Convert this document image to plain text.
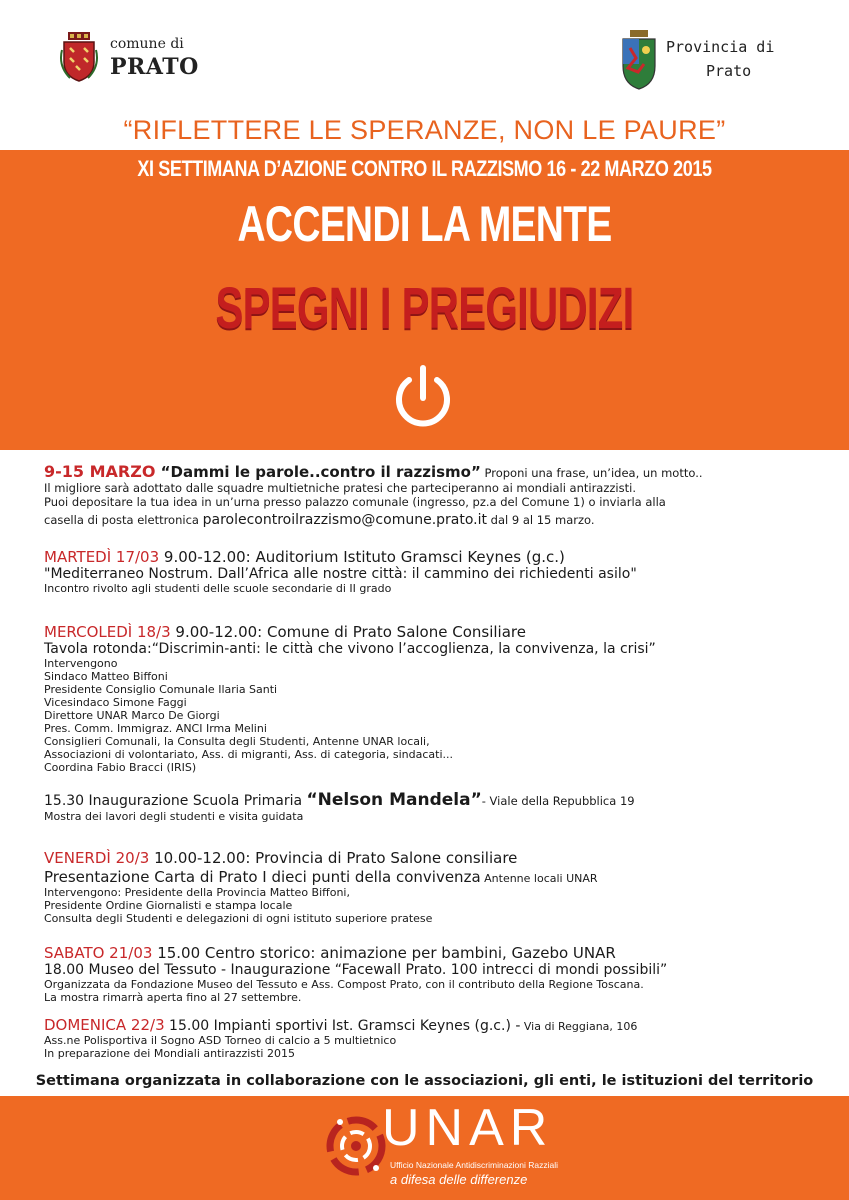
comune di
PRATO
Provincia di
Prato
“RIFLETTERE LE SPERANZE, NON LE PAURE”
XI SETTIMANA D’AZIONE CONTRO IL RAZZISMO 16 - 22 MARZO 2015
ACCENDI LA MENTE
SPEGNI I PREGIUDIZI
9-15 MARZO “Dammi le parole..contro il razzismo” Proponi una frase, un’idea, un motto..
Il migliore sarà adottato dalle squadre multietniche pratesi che parteciperanno ai mondiali antirazzisti.
Puoi depositare la tua idea in un’urna presso palazzo comunale (ingresso, pz.a del Comune 1) o inviarla alla
casella di posta elettronica parolecontroilrazzismo@comune.prato.it dal 9 al 15 marzo.
MARTEDÌ 17/03 9.00-12.00: Auditorium Istituto Gramsci Keynes (g.c.)
"Mediterraneo Nostrum. Dall’Africa alle nostre città: il cammino dei richiedenti asilo"
Incontro rivolto agli studenti delle scuole secondarie di II grado
MERCOLEDÌ 18/3 9.00-12.00: Comune di Prato Salone Consiliare
Tavola rotonda:“Discrimin-anti: le città che vivono l’accoglienza, la convivenza, la crisi”
Intervengono
Sindaco Matteo Biffoni
Presidente Consiglio Comunale Ilaria Santi
Vicesindaco Simone Faggi
Direttore UNAR Marco De Giorgi
Pres. Comm. Immigraz. ANCI Irma Melini
Consiglieri Comunali, la Consulta degli Studenti, Antenne UNAR locali,
Associazioni di volontariato, Ass. di migranti, Ass. di categoria, sindacati...
Coordina Fabio Bracci (IRIS)
15.30 Inaugurazione Scuola Primaria “Nelson Mandela”- Viale della Repubblica 19
Mostra dei lavori degli studenti e visita guidata
VENERDÌ 20/3 10.00-12.00: Provincia di Prato Salone consiliare
Presentazione Carta di Prato I dieci punti della convivenza Antenne locali UNAR
Intervengono: Presidente della Provincia Matteo Biffoni,
Presidente Ordine Giornalisti e stampa locale
Consulta degli Studenti e delegazioni di ogni istituto superiore pratese
SABATO 21/03 15.00 Centro storico: animazione per bambini, Gazebo UNAR
18.00 Museo del Tessuto - Inaugurazione “Facewall Prato. 100 intrecci di mondi possibili”
Organizzata da Fondazione Museo del Tessuto e Ass. Compost Prato, con il contributo della Regione Toscana.
La mostra rimarrà aperta fino al 27 settembre.
DOMENICA 22/3 15.00 Impianti sportivi Ist. Gramsci Keynes (g.c.) - Via di Reggiana, 106
Ass.ne Polisportiva il Sogno ASD Torneo di calcio a 5 multietnico
In preparazione dei Mondiali antirazzisti 2015
Settimana organizzata in collaborazione con le associazioni, gli enti, le istituzioni del territorio
UNAR
Ufficio Nazionale Antidiscriminazioni Razziali
a difesa delle differenze
